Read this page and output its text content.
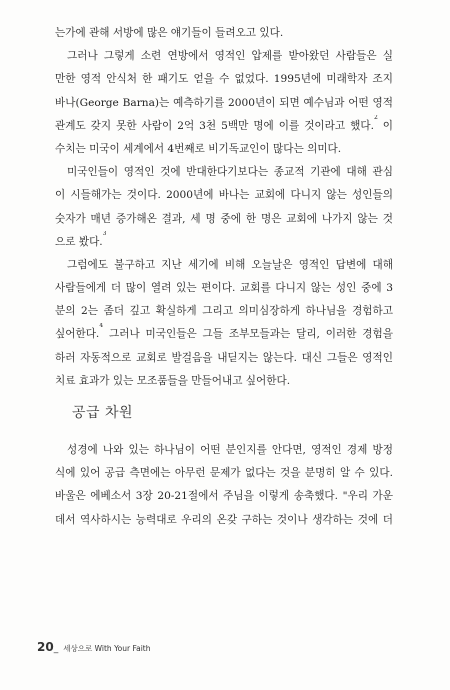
는가에 관해 서방에 많은 얘기들이 들려오고 있다.
그러나 그렇게 소련 연방에서 영적인 압제를 받아왔던 사람들은 실
만한 영적 안식처 한 패기도 얻을 수 없었다. 1995년에 미래학자 조지
바나(George Barna)는 예측하기를 2000년이 되면 예수님과 어떤 영적
관계도 갖지 못한 사람이 2억 3천 5백만 명에 이를 것이라고 했다.$^2$ 이
수치는 미국이 세계에서 4번째로 비기독교인이 많다는 의미다.
미국인들이 영적인 것에 반대한다기보다는 종교적 기관에 대해 관심
이 시들해가는 것이다. 2000년에 바나는 교회에 다니지 않는 성인들의
숫자가 매년 증가해온 결과, 세 명 중에 한 명은 교회에 나가지 않는 것
으로 봤다.$^3$
그럼에도 불구하고 지난 세기에 비해 오늘날은 영적인 답변에 대해
사람들에게 더 많이 열려 있는 편이다. 교회를 다니지 않는 성인 중에 3
분의 2는 좀더 깊고 확실하게 그리고 의미심장하게 하나님을 경험하고
싶어한다.$^4$ 그러나 미국인들은 그들 조부모들과는 달리, 이러한 경험을
하러 자동적으로 교회로 발걸음을 내딛지는 않는다. 대신 그들은 영적인
치료 효과가 있는 모조품들을 만들어내고 싶어한다.
공급 차원
성경에 나와 있는 하나님이 어떤 분인지를 안다면, 영적인 경제 방정
식에 있어 공급 측면에는 아무런 문제가 없다는 것을 분명히 알 수 있다.
바울은 에베소서 3장 20-21절에서 주님을 이렇게 송축했다. "우리 가운
데서 역사하시는 능력대로 우리의 온갖 구하는 것이나 생각하는 것에 더
20_ 세상으로 With Your Faith
